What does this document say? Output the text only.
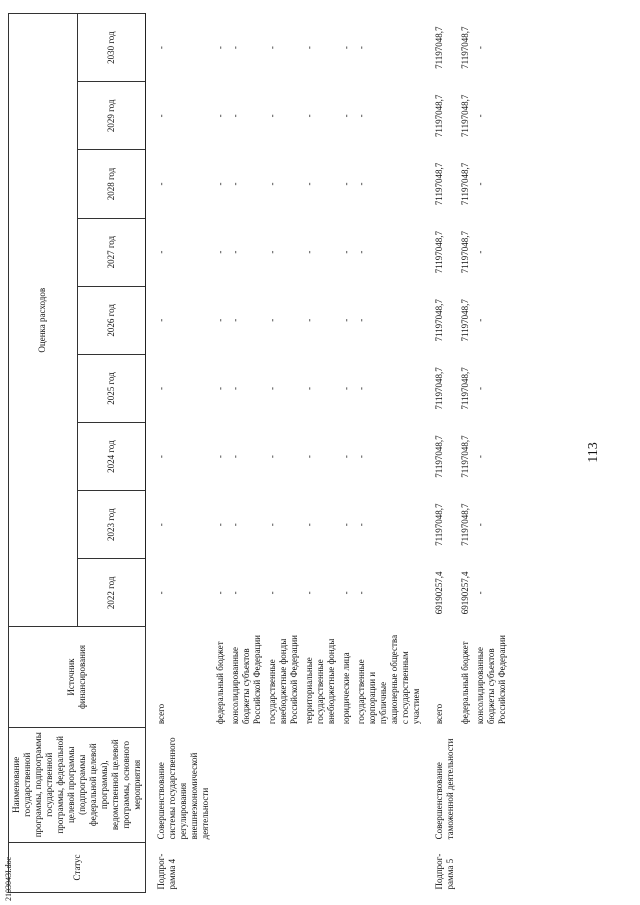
2103043I.doc	Статус	Наименование государственной программы, подпрограммы государственной программы, федеральной целевой программы (подпрограммы федеральной целевой программы), ведомственной целевой программы, основного мероприятия	Источник финансирования	Оценка расходов								
			2022 год	2023 год	2024 год	2025 год	2026 год	2027 год	2028 год	2029 год	2030 год
Подпрог-рамма 4	Совершенствование системы государственного регулирования внешнеэкономической деятельности	всего	-	-	-	-	-	-	-	-	-
		федеральный бюджет	-	-	-	-	-	-	-	-	-
		консолидированные бюджеты субъектов Российской Федерации	-	-	-	-	-	-	-	-	-
		государственные внебюджетные фонды Российской Федерации	-	-	-	-	-	-	-	-	-
		территориальные государственные внебюджетные фонды	-	-	-	-	-	-	-	-	-
		юридические лица	-	-	-	-	-	-	-	-	-
		государственные корпорации и публичные акционерные общества с государственным участием	-	-	-	-	-	-	-	-	-
Подпрог-рамма 5	Совершенствование таможенной деятельности	всего	69190257,4	71197048,7	71197048,7	71197048,7	71197048,7	71197048,7	71197048,7	71197048,7	71197048,7
		федеральный бюджет	69190257,4	71197048,7	71197048,7	71197048,7	71197048,7	71197048,7	71197048,7	71197048,7	71197048,7
		консолидированные бюджеты субъектов Российской Федерации	-	-	-	-	-	-	-	-	-
113
